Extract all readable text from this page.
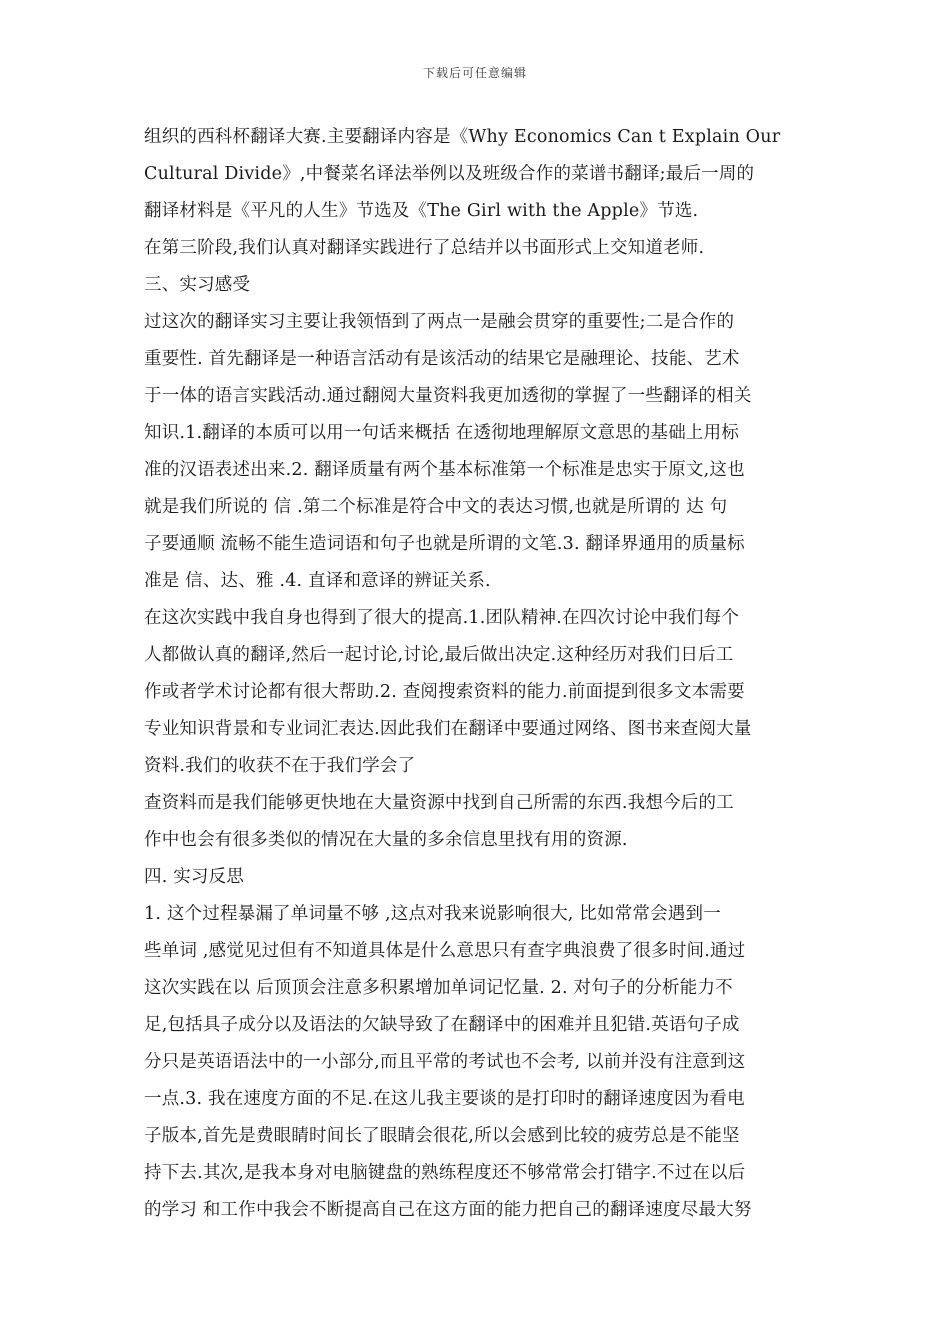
下载后可任意编辑
组织的西科杯翻译大赛.主要翻译内容是《Why Economics Can t Explain Our
Cultural Divide》,中餐菜名译法举例以及班级合作的菜谱书翻译;最后一周的
翻译材料是《平凡的人生》节选及《The Girl with the Apple》节选.
在第三阶段,我们认真对翻译实践进行了总结并以书面形式上交知道老师.
三、实习感受
过这次的翻译实习主要让我领悟到了两点一是融会贯穿的重要性;二是合作的
重要性. 首先翻译是一种语言活动有是该活动的结果它是融理论、技能、艺术
于一体的语言实践活动.通过翻阅大量资料我更加透彻的掌握了一些翻译的相关
知识.1.翻译的本质可以用一句话来概括 在透彻地理解原文意思的基础上用标
准的汉语表述出来.2. 翻译质量有两个基本标准第一个标准是忠实于原文,这也
就是我们所说的 信 .第二个标准是符合中文的表达习惯,也就是所谓的 达 句
子要通顺 流畅不能生造词语和句子也就是所谓的文笔.3. 翻译界通用的质量标
准是 信、达、雅 .4. 直译和意译的辨证关系.
在这次实践中我自身也得到了很大的提高.1.团队精神.在四次讨论中我们每个
人都做认真的翻译,然后一起讨论,讨论,最后做出决定.这种经历对我们日后工
作或者学术讨论都有很大帮助.2. 查阅搜索资料的能力.前面提到很多文本需要
专业知识背景和专业词汇表达.因此我们在翻译中要通过网络、图书来查阅大量
资料.我们的收获不在于我们学会了
查资料而是我们能够更快地在大量资源中找到自己所需的东西.我想今后的工
作中也会有很多类似的情况在大量的多余信息里找有用的资源.
四. 实习反思
1. 这个过程暴漏了单词量不够 ,这点对我来说影响很大, 比如常常会遇到一
些单词 ,感觉见过但有不知道具体是什么意思只有查字典浪费了很多时间.通过
这次实践在以 后顶顶会注意多积累增加单词记忆量. 2. 对句子的分析能力不
足,包括具子成分以及语法的欠缺导致了在翻译中的困难并且犯错.英语句子成
分只是英语语法中的一小部分,而且平常的考试也不会考, 以前并没有注意到这
一点.3. 我在速度方面的不足.在这儿我主要谈的是打印时的翻译速度因为看电
子版本,首先是费眼睛时间长了眼睛会很花,所以会感到比较的疲劳总是不能坚
持下去.其次,是我本身对电脑键盘的熟练程度还不够常常会打错字.不过在以后
的学习 和工作中我会不断提高自己在这方面的能力把自己的翻译速度尽最大努
